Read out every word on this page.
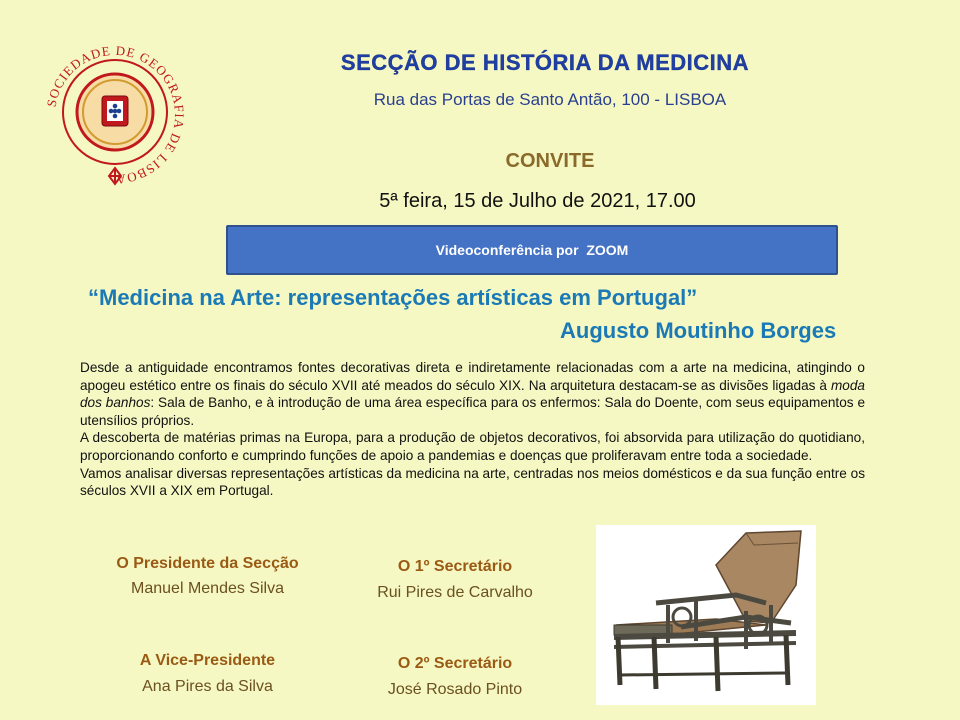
SOCIEDADE DE GEOGRAFIA DE LISBOA
SECÇÃO DE HISTÓRIA DA MEDICINA
Rua das Portas de Santo Antão, 100 - LISBOA
CONVITE
5ª feira, 15 de Julho de 2021, 17.00
Videoconferência por  ZOOM
“Medicina na Arte: representações artísticas em Portugal”
Augusto Moutinho Borges

Desde a antiguidade encontramos fontes decorativas direta e indiretamente relacionadas com a arte na medicina, atingindo o apogeu estético entre os finais do século XVII até meados do século XIX. Na arquitetura destacam-se as divisões ligadas à moda dos banhos: Sala de Banho, e à introdução de uma área específica para os enfermos: Sala do Doente, com seus equipamentos e utensílios próprios.

A descoberta de matérias primas na Europa, para a produção de objetos decorativos, foi absorvida para utilização do quotidiano, proporcionando conforto e cumprindo funções de apoio a pandemias e doenças que proliferavam entre toda a sociedade.

Vamos analisar diversas representações artísticas da medicina na arte, centradas nos meios domésticos e da sua função entre os séculos XVII a XIX em Portugal.

O Presidente da Secção
Manuel Mendes Silva
O 1º Secretário
Rui Pires de Carvalho
A Vice-Presidente
Ana Pires da Silva
O 2º Secretário
José Rosado Pinto
